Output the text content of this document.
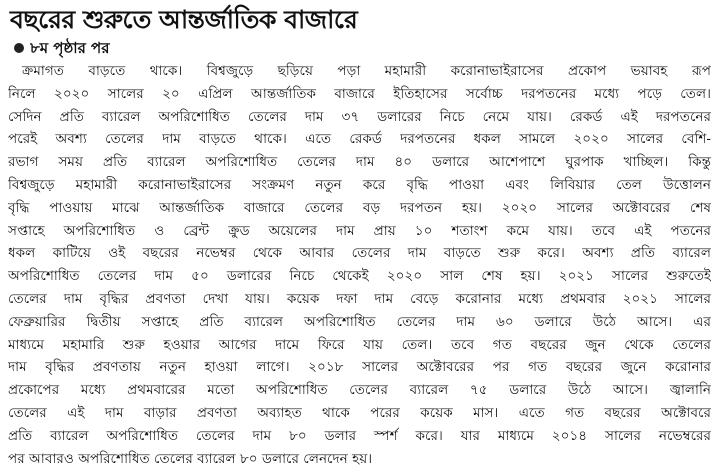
বছরের শুরুতে আন্তর্জাতিক বাজারে
৮ম পৃষ্ঠার পর
ক্রমাগত বাড়তে থাকে। বিশ্বজুড়ে ছড়িয়ে পড়া মহামারী করোনাভাইরাসের প্রকোপ ভয়াবহ রূপ
নিলে ২০২০ সালের ২০ এপ্রিল আন্তর্জাতিক বাজারে ইতিহাসের সর্বোচ্চ দরপতনের মধ্যে পড়ে তেল।
সেদিন প্রতি ব্যারেল অপরিশোধিত তেলের দাম ৩৭ ডলারের নিচে নেমে যায়। রেকর্ড এই দরপতনের
পরেই অবশ্য তেলের দাম বাড়তে থাকে। এতে রেকর্ড দরপতনের ধকল সামলে ২০২০ সালের বেশি-
রভাগ সময় প্রতি ব্যারেল অপরিশোধিত তেলের দাম ৪০ ডলারে আশেপাশে ঘুরপাক খাচ্ছিল। কিন্তু
বিশ্বজুড়ে মহামারী করোনাভাইরাসের সংক্রমণ নতুন করে বৃদ্ধি পাওয়া এবং লিবিয়ার তেল উত্তোলন
বৃদ্ধি পাওয়ায় মাঝে আন্তর্জাতিক বাজারে তেলের বড় দরপতন হয়। ২০২০ সালের অক্টোবরের শেষ
সপ্তাহে অপরিশোধিত ও ব্রেন্ট ক্রুড অয়েলের দাম প্রায় ১০ শতাংশ কমে যায়। তবে এই পতনের
ধকল কাটিয়ে ওই বছরের নভেম্বর থেকে আবার তেলের দাম বাড়তে শুরু করে। অবশ্য প্রতি ব্যারেল
অপরিশোধিত তেলের দাম ৫০ ডলারের নিচে থেকেই ২০২০ সাল শেষ হয়। ২০২১ সালের শুরুতেই
তেলের দাম বৃদ্ধির প্রবণতা দেখা যায়। কয়েক দফা দাম বেড়ে করোনার মধ্যে প্রথমবার ২০২১ সালের
ফেব্রুয়ারির দ্বিতীয় সপ্তাহে প্রতি ব্যারেল অপরিশোধিত তেলের দাম ৬০ ডলারে উঠে আসে। এর
মাধ্যমে মহামারি শুরু হওয়ার আগের দামে ফিরে যায় তেল। তবে গত বছরের জুন থেকে তেলের
দাম বৃদ্ধির প্রবণতায় নতুন হাওয়া লাগে। ২০১৮ সালের অক্টোবরের পর গত বছরের জুনে করোনার
প্রকোপের মধ্যে প্রথমবারের মতো অপরিশোধিত তেলের ব্যারেল ৭৫ ডলারে উঠে আসে। জ্বালানি
তেলের এই দাম বাড়ার প্রবণতা অব্যাহত থাকে পরের কয়েক মাস। এতে গত বছরের অক্টোবরে
প্রতি ব্যারেল অপরিশোধিত তেলের দাম ৮০ ডলার স্পর্শ করে। যার মাধ্যমে ২০১৪ সালের নভেম্বরের
পর আবারও অপরিশোধিত তেলের ব্যারেল ৮০ ডলারে লেনদেন হয়।
